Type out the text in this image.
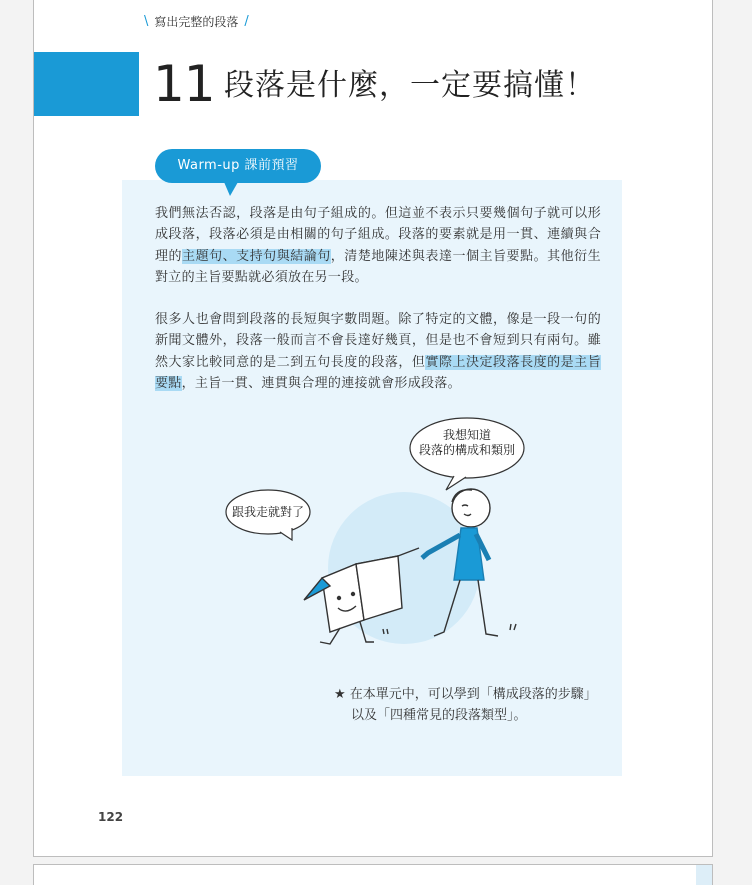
\ 寫出完整的段落 /
11 段落是什麼，一定要搞懂！
Warm-up 課前預習

我們無法否認，段落是由句子組成的。但這並不表示只要幾個句子就可以形成段落，段落必須是由相關的句子組成。段落的要素就是用一貫、連續與合理的主題句、支持句與結論句，清楚地陳述與表達一個主旨要點。其他衍生對立的主旨要點就必須放在另一段。

很多人也會問到段落的長短與字數問題。除了特定的文體，像是一段一句的新聞文體外，段落一般而言不會長達好幾頁，但是也不會短到只有兩句。雖然大家比較同意的是二到五句長度的段落，但實際上決定段落長度的是主旨要點，主旨一貫、連貫與合理的連接就會形成段落。

我想知道
段落的構成和類別
跟我走就對了
★ 在本單元中，可以學到「構成段落的步驟」
以及「四種常見的段落類型」。
122
